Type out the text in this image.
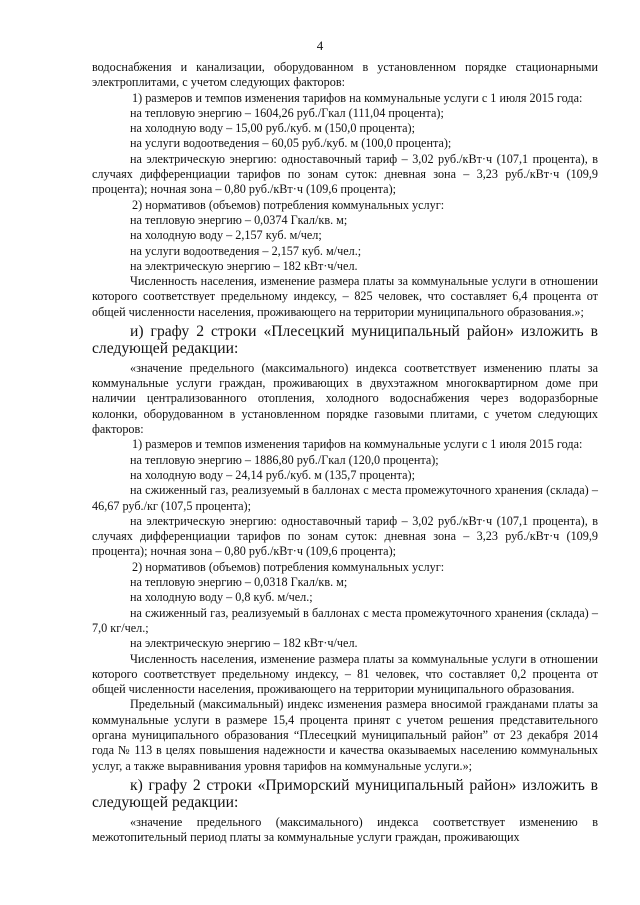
4

водоснабжения и канализации, оборудованном в установленном порядке стационарными электроплитами, с учетом следующих факторов:

1) размеров и темпов изменения тарифов на коммунальные услуги с 1 июля 2015 года:

на тепловую энергию – 1604,26 руб./Гкал (111,04 процента);

на холодную воду – 15,00 руб./куб. м (150,0 процента);

на услуги водоотведения – 60,05 руб./куб. м (100,0 процента);

на электрическую энергию: одноставочный тариф – 3,02 руб./кВт·ч (107,1 процента), в случаях дифференциации тарифов по зонам суток: дневная зона – 3,23 руб./кВт·ч (109,9 процента); ночная зона – 0,80 руб./кВт·ч (109,6 процента);

2) нормативов (объемов) потребления коммунальных услуг:

на тепловую энергию – 0,0374 Гкал/кв. м;

на холодную воду – 2,157 куб. м/чел;

на услуги водоотведения – 2,157 куб. м/чел.;

на электрическую энергию – 182 кВт·ч/чел.

Численность населения, изменение размера платы за коммунальные услуги в отношении которого соответствует предельному индексу, – 825 человек, что составляет 6,4 процента от общей численности населения, проживающего на территории муниципального образования.»;

и) графу 2 строки «Плесецкий муниципальный район» изложить в следующей редакции:

«значение предельного (максимального) индекса соответствует изменению платы за коммунальные услуги граждан, проживающих в двухэтажном многоквартирном доме при наличии централизованного отопления, холодного водоснабжения через водоразборные колонки, оборудованном в установленном порядке газовыми плитами, с учетом следующих факторов:

1) размеров и темпов изменения тарифов на коммунальные услуги с 1 июля 2015 года:

на тепловую энергию – 1886,80 руб./Гкал (120,0 процента);

на холодную воду – 24,14 руб./куб. м (135,7 процента);

на сжиженный газ, реализуемый в баллонах с места промежуточного хранения (склада) – 46,67 руб./кг (107,5 процента);

на электрическую энергию: одноставочный тариф – 3,02 руб./кВт·ч (107,1 процента), в случаях дифференциации тарифов по зонам суток: дневная зона – 3,23 руб./кВт·ч (109,9 процента); ночная зона – 0,80 руб./кВт·ч (109,6 процента);

2) нормативов (объемов) потребления коммунальных услуг:

на тепловую энергию – 0,0318 Гкал/кв. м;

на холодную воду – 0,8 куб. м/чел.;

на сжиженный газ, реализуемый в баллонах с места промежуточного хранения (склада) – 7,0 кг/чел.;

на электрическую энергию – 182 кВт·ч/чел.

Численность населения, изменение размера платы за коммунальные услуги в отношении которого соответствует предельному индексу, – 81 человек, что составляет 0,2 процента от общей численности населения, проживающего на территории муниципального образования.

Предельный (максимальный) индекс изменения размера вносимой гражданами платы за коммунальные услуги в размере 15,4 процента принят с учетом решения представительного органа муниципального образования “Плесецкий муниципальный район” от 23 декабря 2014 года № 113 в целях повышения надежности и качества оказываемых населению коммунальных услуг, а также выравнивания уровня тарифов на коммунальные услуги.»;

к) графу 2 строки «Приморский муниципальный район» изложить в следующей редакции:

«значение предельного (максимального) индекса соответствует изменению в межотопительный период платы за коммунальные услуги граждан, проживающих
